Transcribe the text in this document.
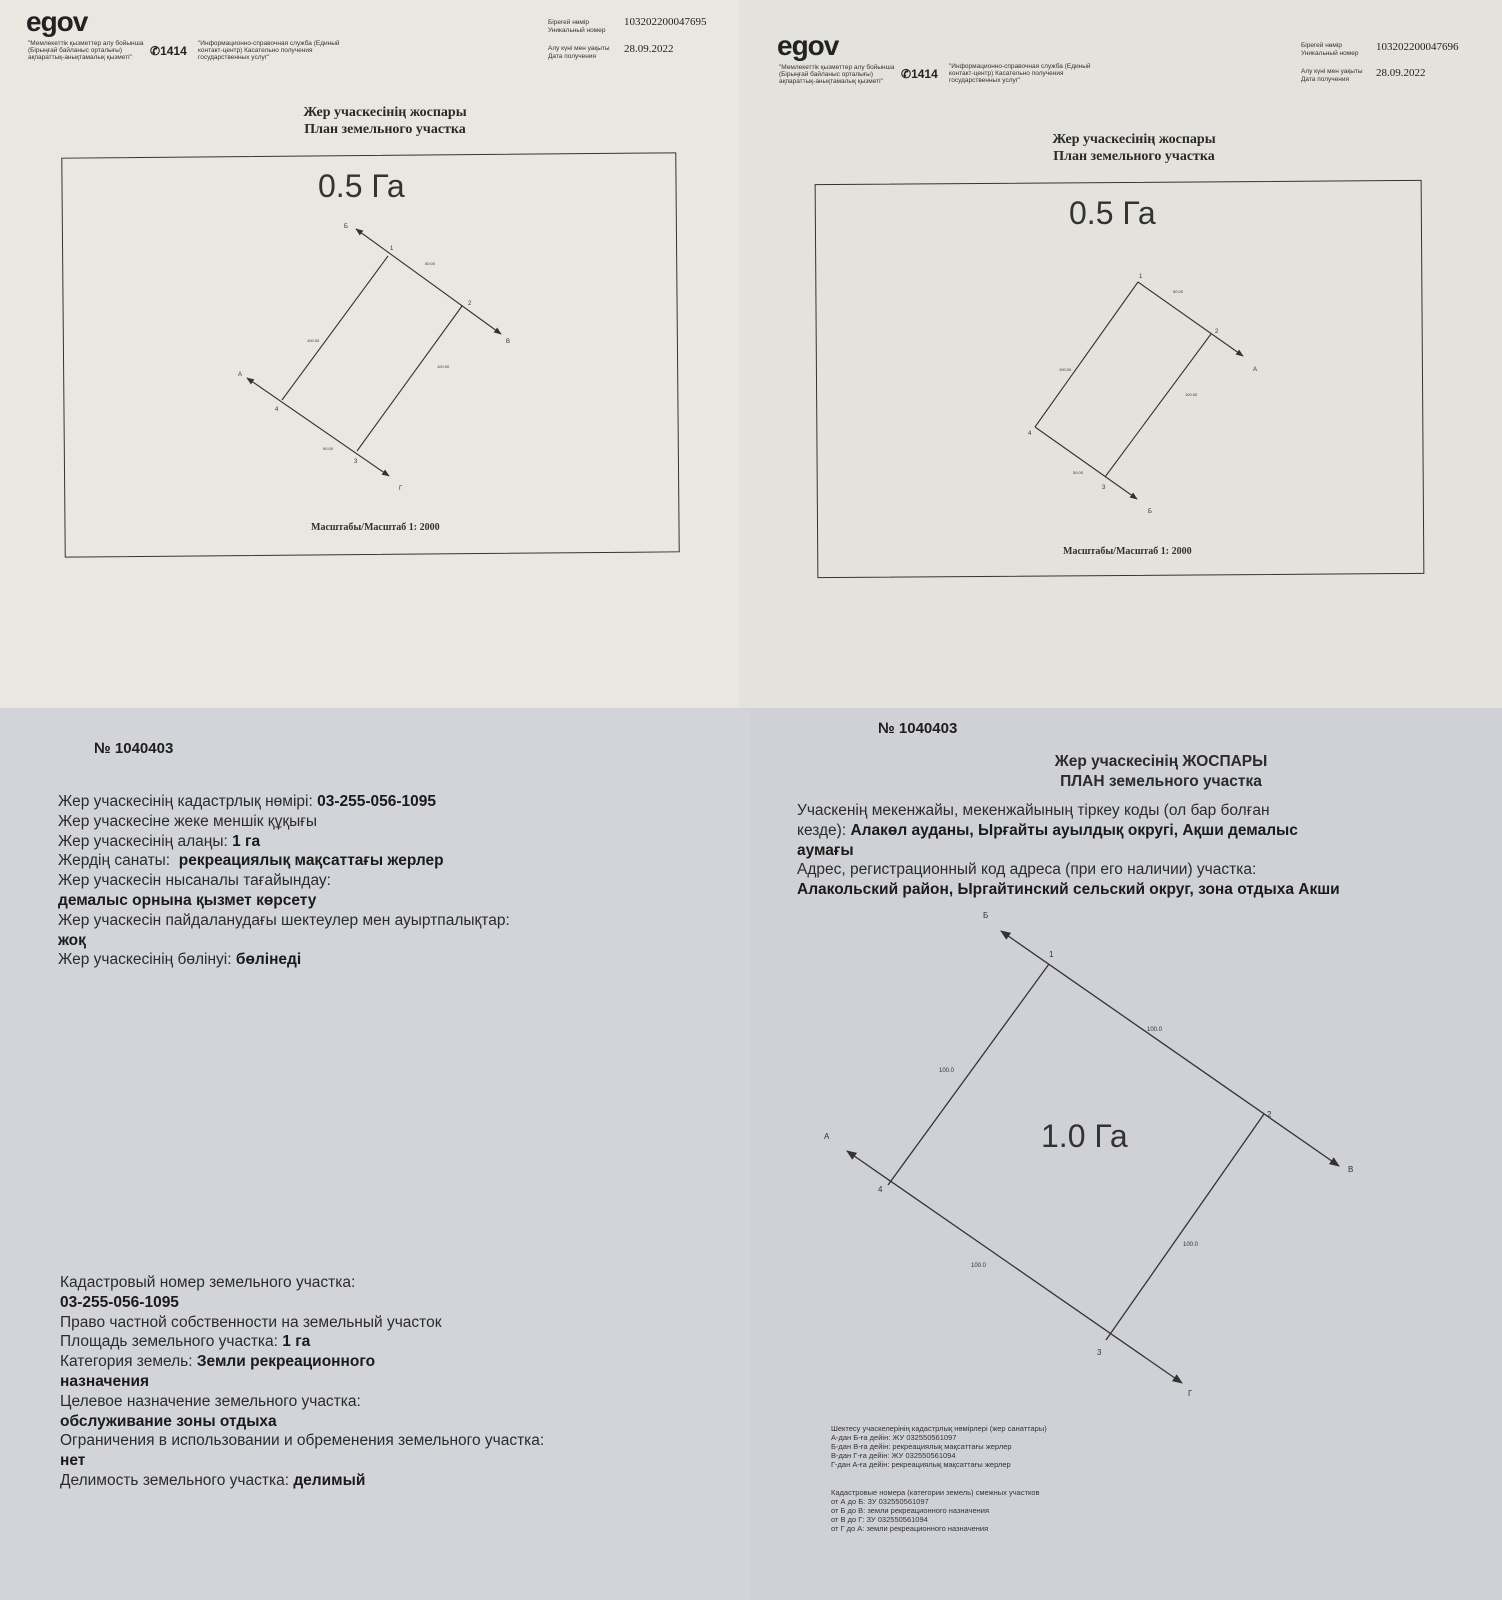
egov
"Мемлекеттік қызметтер алу бойынша (Бірыңғай байланыс орталығы) ақпараттық-анықтамалық қызметі"	✆1414
"Информационно-справочная служба (Единый контакт-центр) Касательно получения государственных услуг"
Бірегей нөмір
Уникальный номер
103202200047695
Алу күні мен уақыты
Дата получения
28.09.2022
Жер учаскесінің жоспары
План земельного участка
0.5 Га
Б
В
А
Г
1
2
3
4
50.00
100.00
100.00
50.00
Масштабы/Масштаб 1: 2000
egov
"Мемлекеттік қызметтер алу бойынша (Бірыңғай байланыс орталығы) ақпараттық-анықтамалық қызметі"
✆1414
"Информационно-справочная служба (Единый контакт-центр) Касательно получения государственных услуг"
Бірегей нөмір
Уникальный номер
103202200047696
Алу күні мен уақыты
Дата получения
28.09.2022
Жер учаскесінің жоспары
План земельного участка
0.5 Га
А
Б
1
2
3
4
50.00
100.00
100.00
50.00
Масштабы/Масштаб 1: 2000
№ 1040403
Жер учаскесінің кадастрлық нөмірі: 03-255-056-1095
Жер учаскесіне жеке меншік құқығы
Жер учаскесінің алаңы: 1 га
Жердің санаты: рекреациялық мақсаттағы жерлер
Жер учаскесін нысаналы тағайындау:
демалыс орнына қызмет көрсету
Жер учаскесін пайдаланудағы шектеулер мен ауыртпалықтар:
жоқ
Жер учаскесінің бөлінуі: бөлінеді
Кадастровый номер земельного участка:
03-255-056-1095
Право частной собственности на земельный участок
Площадь земельного участка: 1 га
Категория земель: Земли рекреационного
назначения
Целевое назначение земельного участка:
обслуживание зоны отдыха
Ограничения в использовании и обременения земельного участка:
нет
Делимость земельного участка: делимый
№ 1040403
Жер учаскесінің ЖОСПАРЫ
ПЛАН земельного участка
Учаскенің мекенжайы, мекенжайының тіркеу коды (ол бар болған
кезде): Алакөл ауданы, Ырғайты ауылдық округі, Ақши демалыс
аумағы
Адрес, регистрационный код адреса (при его наличии) участка:
Алакольский район, Ыргайтинский сельский округ, зона отдыха Акши
Б
В
А
Г
1
2
3
4
100.0
100.0
100.0
100.0
1.0 Га
Шектесу учаскелерінің кадастрлық нөмірлері (жер санаттары)
А-дан Б-ға дейін: ЖУ 032550561097
Б-дан В-ға дейін: рекреациялық мақсаттағы жерлер
В-дан Г-ға дейін: ЖУ 032550561094
Г-дан А-ға дейін: рекреациялық мақсаттағы жерлер
Кадастровые номера (категории земель) смежных участков
от А до Б: ЗУ 032550561097
от Б до В: земли рекреационного назначения
от В до Г: ЗУ 032550561094
от Г до А: земли рекреационного назначения
